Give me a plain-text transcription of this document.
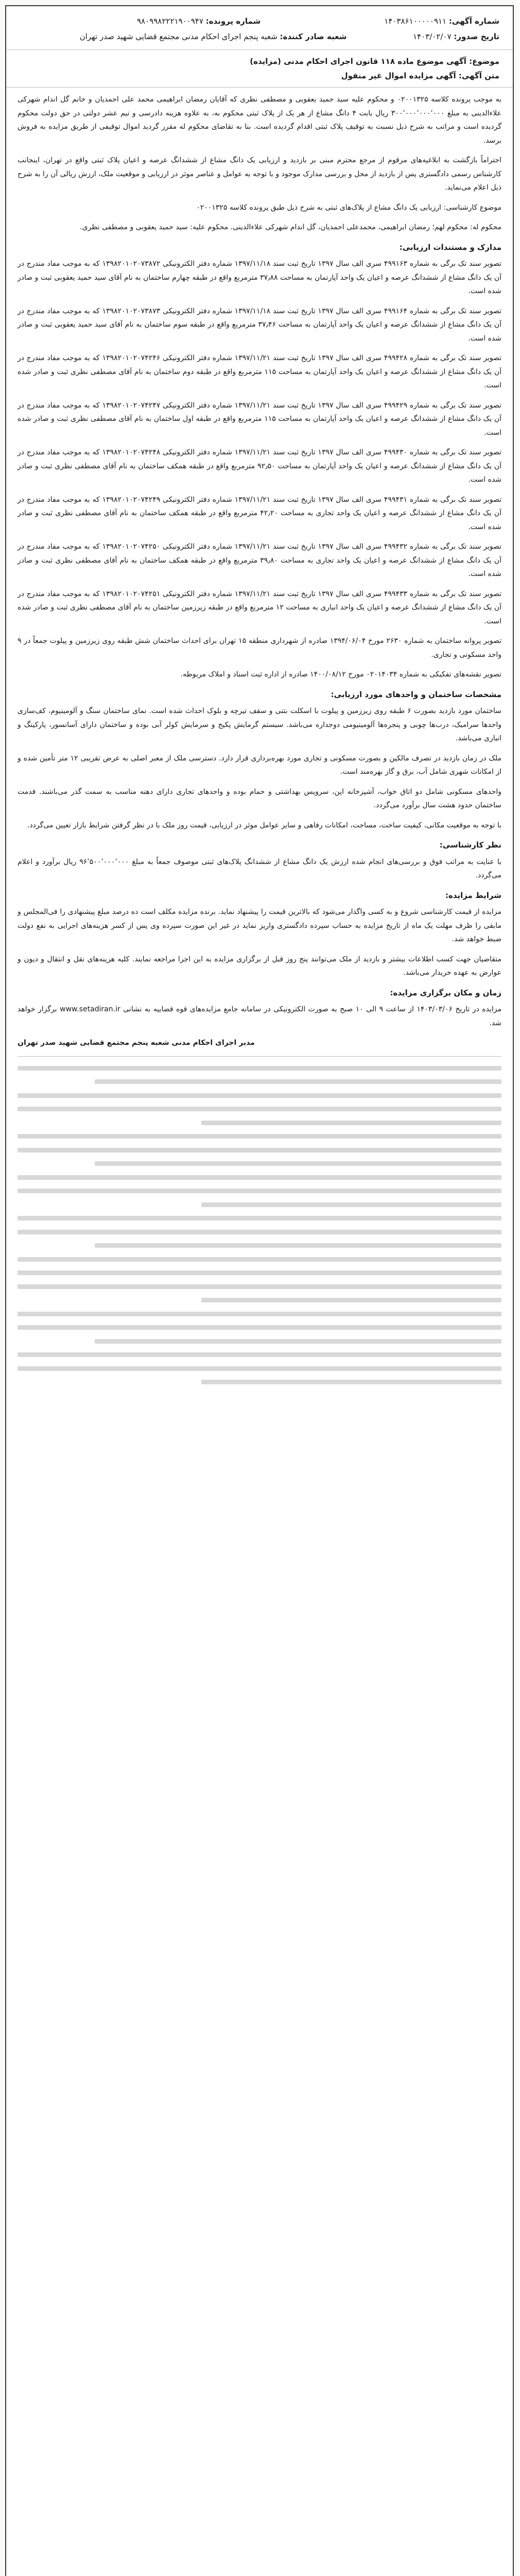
شماره آگهی: ۱۴۰۳۸۶۱۰۰۰۰۰۹۱۱
شماره پرونده: ۹۸۰۹۹۸۲۲۲۱۹۰۰۹۴۷
تاریخ صدور: ۱۴۰۳/۰۲/۰۷
شعبه صادر کننده: شعبه پنجم اجرای احکام مدنی مجتمع قضایی شهید صدر تهران
موضوع: آگهی موضوع ماده ۱۱۸ قانون اجرای احکام مدنی (مزایده)
متن آگهی: آگهی مزایده اموال غیر منقول

به موجب پرونده کلاسه ۰۲۰۰۱۳۲۵ و محکوم علیه سید حمید یعقوبی و مصطفی نظری که آقایان رمضان ابراهیمی محمد علی احمدیان و خانم گل اندام شهرکی علاءالدینی به مبلغ ۳۰۰٬۰۰۰٬۰۰۰٬۰۰۰ ریال بابت ۴ دانگ مشاع از هر یک از پلاک ثبتی محکوم به، به علاوه هزینه دادرسی و نیم عشر دولتی در حق دولت محکوم گردیده است و مراتب به شرح ذیل نسبت به توقیف پلاک ثبتی اقدام گردیده است. بنا به تقاضای محکوم له مقرر گردید اموال توقیفی از طریق مزایده به فروش برسد.

احتراماً بازگشت به ابلاغیه‌های مرقوم از مرجع محترم مبنی بر بازدید و ارزیابی یک دانگ مشاع از ششدانگ عرصه و اعیان پلاک ثبتی واقع در تهران، اینجانب کارشناس رسمی دادگستری پس از بازدید از محل و بررسی مدارک موجود و با توجه به عوامل و عناصر موثر در ارزیابی و موقعیت ملک، ارزش ریالی آن را به شرح ذیل اعلام می‌نماید.

موضوع کارشناسی: ارزیابی یک دانگ مشاع از پلاک‌های ثبتی به شرح ذیل طبق پرونده کلاسه ۰۲۰۰۱۳۲۵

محکوم له: محکوم لهم؛ رمضان ابراهیمی، محمدعلی احمدیان، گل اندام شهرکی علاءالدینی. محکوم علیه: سید حمید یعقوبی و مصطفی نظری.

مدارک و مستندات ارزیابی:

تصویر سند تک برگی به شماره ۴۹۹۱۶۳ سری الف سال ۱۳۹۷ تاریخ ثبت سند ۱۳۹۷/۱۱/۱۸ شماره دفتر الکترونیکی ۱۳۹۸۲۰۱۰۲۰۷۳۸۷۲ که به موجب مفاد مندرج در آن یک دانگ مشاع از ششدانگ عرصه و اعیان یک واحد آپارتمان به مساحت ۳۷٫۸۸ مترمربع واقع در طبقه چهارم ساختمان به نام آقای سید حمید یعقوبی ثبت و صادر شده است.

تصویر سند تک برگی به شماره ۴۹۹۱۶۴ سری الف سال ۱۳۹۷ تاریخ ثبت سند ۱۳۹۷/۱۱/۱۸ شماره دفتر الکترونیکی ۱۳۹۸۲۰۱۰۲۰۷۳۸۷۳ که به موجب مفاد مندرج در آن یک دانگ مشاع از ششدانگ عرصه و اعیان یک واحد آپارتمان به مساحت ۳۷٫۴۶ مترمربع واقع در طبقه سوم ساختمان به نام آقای سید حمید یعقوبی ثبت و صادر شده است.

تصویر سند تک برگی به شماره ۴۹۹۴۲۸ سری الف سال ۱۳۹۷ تاریخ ثبت سند ۱۳۹۷/۱۱/۲۱ شماره دفتر الکترونیکی ۱۳۹۸۲۰۱۰۲۰۷۴۲۴۶ که به موجب مفاد مندرج در آن یک دانگ مشاع از ششدانگ عرصه و اعیان یک واحد آپارتمان به مساحت ۱۱۵ مترمربع واقع در طبقه دوم ساختمان به نام آقای مصطفی نظری ثبت و صادر شده است.

تصویر سند تک برگی به شماره ۴۹۹۴۲۹ سری الف سال ۱۳۹۷ تاریخ ثبت سند ۱۳۹۷/۱۱/۲۱ شماره دفتر الکترونیکی ۱۳۹۸۲۰۱۰۲۰۷۴۲۴۷ که به موجب مفاد مندرج در آن یک دانگ مشاع از ششدانگ عرصه و اعیان یک واحد آپارتمان به مساحت ۱۱۵ مترمربع واقع در طبقه اول ساختمان به نام آقای مصطفی نظری ثبت و صادر شده است.

تصویر سند تک برگی به شماره ۴۹۹۴۳۰ سری الف سال ۱۳۹۷ تاریخ ثبت سند ۱۳۹۷/۱۱/۲۱ شماره دفتر الکترونیکی ۱۳۹۸۲۰۱۰۲۰۷۴۲۴۸ که به موجب مفاد مندرج در آن یک دانگ مشاع از ششدانگ عرصه و اعیان یک واحد آپارتمان به مساحت ۹۲٫۵۰ مترمربع واقع در طبقه همکف ساختمان به نام آقای مصطفی نظری ثبت و صادر شده است.

تصویر سند تک برگی به شماره ۴۹۹۴۳۱ سری الف سال ۱۳۹۷ تاریخ ثبت سند ۱۳۹۷/۱۱/۲۱ شماره دفتر الکترونیکی ۱۳۹۸۲۰۱۰۲۰۷۴۲۴۹ که به موجب مفاد مندرج در آن یک دانگ مشاع از ششدانگ عرصه و اعیان یک واحد تجاری به مساحت ۴۲٫۲۰ مترمربع واقع در طبقه همکف ساختمان به نام آقای مصطفی نظری ثبت و صادر شده است.

تصویر سند تک برگی به شماره ۴۹۹۴۳۲ سری الف سال ۱۳۹۷ تاریخ ثبت سند ۱۳۹۷/۱۱/۲۱ شماره دفتر الکترونیکی ۱۳۹۸۲۰۱۰۲۰۷۴۲۵۰ که به موجب مفاد مندرج در آن یک دانگ مشاع از ششدانگ عرصه و اعیان یک واحد تجاری به مساحت ۳۹٫۸۰ مترمربع واقع در طبقه همکف ساختمان به نام آقای مصطفی نظری ثبت و صادر شده است.

تصویر سند تک برگی به شماره ۴۹۹۴۳۳ سری الف سال ۱۳۹۷ تاریخ ثبت سند ۱۳۹۷/۱۱/۲۱ شماره دفتر الکترونیکی ۱۳۹۸۲۰۱۰۲۰۷۴۲۵۱ که به موجب مفاد مندرج در آن یک دانگ مشاع از ششدانگ عرصه و اعیان یک واحد انباری به مساحت ۱۲ مترمربع واقع در طبقه زیرزمین ساختمان به نام آقای مصطفی نظری ثبت و صادر شده است.

تصویر پروانه ساختمان به شماره ۲۶۳۰ مورخ ۱۳۹۴/۰۶/۰۴ صادره از شهرداری منطقه ۱۵ تهران برای احداث ساختمان شش طبقه روی زیرزمین و پیلوت جمعاً در ۹ واحد مسکونی و تجاری.

تصویر نقشه‌های تفکیکی به شماره ۰۲۰۱۴۰۳۴ مورخ ۱۴۰۰/۰۸/۱۲ صادره از اداره ثبت اسناد و املاک مربوطه.

مشخصات ساختمان و واحدهای مورد ارزیابی:

ساختمان مورد بازدید بصورت ۶ طبقه روی زیرزمین و پیلوت با اسکلت بتنی و سقف تیرچه و بلوک احداث شده است. نمای ساختمان سنگ و آلومینیوم، کف‌سازی واحدها سرامیک، درب‌ها چوبی و پنجره‌ها آلومینیومی دوجداره می‌باشد. سیستم گرمایش پکیج و سرمایش کولر آبی بوده و ساختمان دارای آسانسور، پارکینگ و انباری می‌باشد.

ملک در زمان بازدید در تصرف مالکین و بصورت مسکونی و تجاری مورد بهره‌برداری قرار دارد. دسترسی ملک از معبر اصلی به عرض تقریبی ۱۲ متر تأمین شده و از امکانات شهری شامل آب، برق و گاز بهره‌مند است.

واحدهای مسکونی شامل دو اتاق خواب، آشپزخانه اپن، سرویس بهداشتی و حمام بوده و واحدهای تجاری دارای دهنه مناسب به سمت گذر می‌باشند. قدمت ساختمان حدود هشت سال برآورد می‌گردد.

با توجه به موقعیت مکانی، کیفیت ساخت، مساحت، امکانات رفاهی و سایر عوامل موثر در ارزیابی، قیمت روز ملک با در نظر گرفتن شرایط بازار تعیین می‌گردد.

نظر کارشناسی:

با عنایت به مراتب فوق و بررسی‌های انجام شده ارزش یک دانگ مشاع از ششدانگ پلاک‌های ثبتی موصوف جمعاً به مبلغ ۹۶٬۵۰۰٬۰۰۰٬۰۰۰ ریال برآورد و اعلام می‌گردد.

شرایط مزایده:

مزایده از قیمت کارشناسی شروع و به کسی واگذار می‌شود که بالاترین قیمت را پیشنهاد نماید. برنده مزایده مکلف است ده درصد مبلغ پیشنهادی را فی‌المجلس و مابقی را ظرف مهلت یک ماه از تاریخ مزایده به حساب سپرده دادگستری واریز نماید در غیر این صورت سپرده وی پس از کسر هزینه‌های اجرایی به نفع دولت ضبط خواهد شد.

متقاضیان جهت کسب اطلاعات بیشتر و بازدید از ملک می‌توانند پنج روز قبل از برگزاری مزایده به این اجرا مراجعه نمایند. کلیه هزینه‌های نقل و انتقال و دیون و عوارض به عهده خریدار می‌باشد.

زمان و مکان برگزاری مزایده:

مزایده در تاریخ ۱۴۰۳/۰۳/۰۶ از ساعت ۹ الی ۱۰ صبح به صورت الکترونیکی در سامانه جامع مزایده‌های قوه قضاییه به نشانی www.setadiran.ir برگزار خواهد شد.

مدیر اجرای احکام مدنی شعبه پنجم مجتمع قضایی شهید صدر تهران
